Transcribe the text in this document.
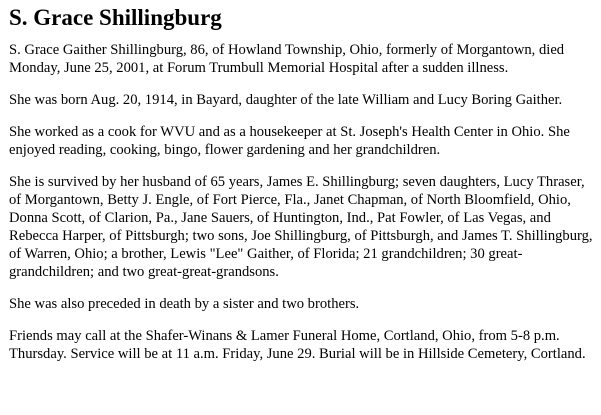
S. Grace Shillingburg

S. Grace Gaither Shillingburg, 86, of Howland Township, Ohio, formerly of Morgantown, died Monday, June 25, 2001, at Forum Trumbull Memorial Hospital after a sudden illness.

She was born Aug. 20, 1914, in Bayard, daughter of the late William and Lucy Boring Gaither.

She worked as a cook for WVU and as a housekeeper at St. Joseph's Health Center in Ohio. She enjoyed reading, cooking, bingo, flower gardening and her grandchildren.

She is survived by her husband of 65 years, James E. Shillingburg; seven daughters, Lucy Thraser, of Morgantown, Betty J. Engle, of Fort Pierce, Fla., Janet Chapman, of North Bloomfield, Ohio, Donna Scott, of Clarion, Pa., Jane Sauers, of Huntington, Ind., Pat Fowler, of Las Vegas, and Rebecca Harper, of Pittsburgh; two sons, Joe Shillingburg, of Pittsburgh, and James T. Shillingburg, of Warren, Ohio; a brother, Lewis "Lee" Gaither, of Florida; 21 grandchildren; 30 great-grandchildren; and two great-great-grandsons.

She was also preceded in death by a sister and two brothers.

Friends may call at the Shafer-Winans & Lamer Funeral Home, Cortland, Ohio, from 5-8 p.m. Thursday. Service will be at 11 a.m. Friday, June 29. Burial will be in Hillside Cemetery, Cortland.
